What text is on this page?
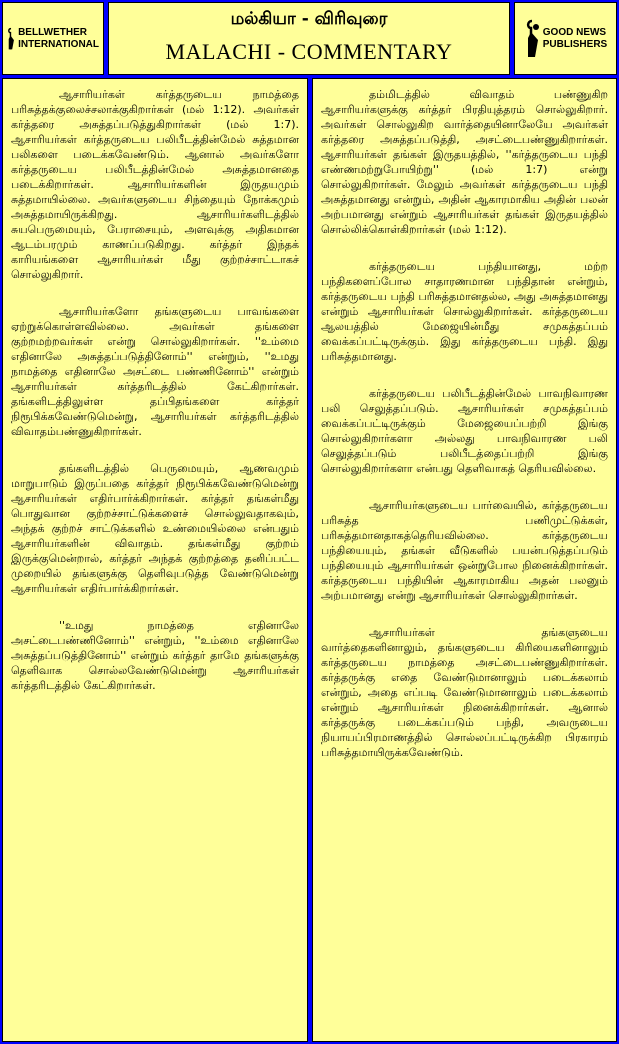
BELLWETHER
INTERNATIONAL
மல்கியா - விரிவுரை
MALACHI - COMMENTARY
GOOD NEWS
PUBLISHERS

ஆசாரியர்கள் கர்த்தருடைய நாமத்தை பரிசுத்தக்குலைச்சலாக்குகிறார்கள் (மல் 1:12). அவர்கள் கர்த்தரை அசுத்தப்படுத்துகிறார்கள் (மல் 1:7). ஆசாரியர்கள் கர்த்தருடைய பலிபீடத்தின்மேல் சுத்தமான பலிகளை படைக்கவேண்டும். ஆனால் அவர்களோ கர்த்தருடைய பலிபீடத்தின்மேல் அசுத்தமானதை படைக்கிறார்கள். ஆசாரியர்களின் இருதயமும் சுத்தமாயில்லை. அவர்களுடைய சிந்தையும் நோக்கமும் அசுத்தமாயிருக்கிறது. ஆசாரியர்களிடத்தில் சுயபெருமையும், பேராசையும், அளவுக்கு அதிகமான ஆடம்பரமும் காணப்படுகிறது. கர்த்தர் இந்தக் காரியங்களை ஆசாரியர்கள் மீது குற்றச்சாட்டாகச் சொல்லுகிறார்.

ஆசாரியர்களோ தங்களுடைய பாவங்களை ஏற்றுக்கொள்ளவில்லை. அவர்கள் தங்களை குற்றமற்றவர்கள் என்று சொல்லுகிறார்கள். ''உம்மை எதினாலே அசுத்தப்படுத்தினோம்'' என்றும், ''உமது நாமத்தை எதினாலே அசட்டை பண்ணினோம்'' என்றும் ஆசாரியர்கள் கர்த்தரிடத்தில் கேட்கிறார்கள். தங்களிடத்திலுள்ள தப்பிதங்களை கர்த்தர் நிரூபிக்கவேண்டுமென்று, ஆசாரியர்கள் கர்த்தரிடத்தில் விவாதம்பண்ணுகிறார்கள்.

தங்களிடத்தில் பெருமையும், ஆணவமும் மாறுபாடும் இருப்பதை கர்த்தர் நிரூபிக்கவேண்டுமென்று ஆசாரியர்கள் எதிர்பார்க்கிறார்கள். கர்த்தர் தங்கள்மீது பொதுவான குற்றச்சாட்டுக்களைச் சொல்லுவதாகவும், அந்தக் குற்றச் சாட்டுக்களில் உண்மையில்லை என்பதும் ஆசாரியர்களின் விவாதம். தங்கள்மீது குற்றம் இருக்குமென்றால், கர்த்தர் அந்தக் குற்றத்தை தனிப்பட்ட முறையில் தங்களுக்கு தெளிவுபடுத்த வேண்டுமென்று ஆசாரியர்கள் எதிர்பார்க்கிறார்கள்.

''உமது நாமத்தை எதினாலே அசட்டைபண்ணினோம்'' என்றும், ''உம்மை எதினாலே அசுத்தப்படுத்தினோம்'' என்றும் கர்த்தர் தாமே தங்களுக்கு தெளிவாக சொல்லவேண்டுமென்று ஆசாரியர்கள் கர்த்தரிடத்தில் கேட்கிறார்கள்.

தம்மிடத்தில் விவாதம் பண்ணுகிற ஆசாரியர்களுக்கு கர்த்தர் பிரதியுத்தரம் சொல்லுகிறார். அவர்கள் சொல்லுகிற வார்த்தையினாலேயே அவர்கள் கர்த்தரை அசுத்தப்படுத்தி, அசட்டைபண்ணுகிறார்கள். ஆசாரியர்கள் தங்கள் இருதயத்தில், ''கர்த்தருடைய பந்தி எண்ணமற்றுபோயிற்று'' (மல் 1:7) என்று சொல்லுகிறார்கள். மேலும் அவர்கள் கர்த்தருடைய பந்தி அசுத்தமானது என்றும், அதின் ஆகாரமாகிய அதின் பலன் அற்பமானது என்றும் ஆசாரியர்கள் தங்கள் இருதயத்தில் சொல்லிக்கொள்கிறார்கள் (மல் 1:12).

கர்த்தருடைய பந்தியானது, மற்ற பந்திகளைப்போல சாதாரணமான பந்திதான் என்றும், கர்த்தருடைய பந்தி பரிசுத்தமானதல்ல, அது அசுத்தமானது என்றும் ஆசாரியர்கள் சொல்லுகிறார்கள். கர்த்தருடைய ஆலயத்தில் மேஜையின்மீது சமுகத்தப்பம் வைக்கப்பட்டிருக்கும். இது கர்த்தருடைய பந்தி. இது பரிசுத்தமானது.

கர்த்தருடைய பலிபீடத்தின்மேல் பாவநிவாரண பலி செலுத்தப்படும். ஆசாரியர்கள் சமுகத்தப்பம் வைக்கப்பட்டிருக்கும் மேஜையைப்பற்றி இங்கு சொல்லுகிறார்களா அல்லது பாவநிவாரண பலி செலுத்தப்படும் பலிபீடத்தைப்பற்றி இங்கு சொல்லுகிறார்களா என்பது தெளிவாகத் தெரியவில்லை.

ஆசாரியர்களுடைய பார்வையில், கர்த்தருடைய பரிசுத்த பணிமுட்டுக்கள், பரிசுத்தமானதாகத்தெரியவில்லை. கர்த்தருடைய பந்தியையும், தங்கள் வீடுகளில் பயன்படுத்தப்படும் பந்தியையும் ஆசாரியர்கள் ஒன்றுபோல நினைக்கிறார்கள். கர்த்தருடைய பந்தியின் ஆகாரமாகிய அதன் பலனும் அற்பமானது என்று ஆசாரியர்கள் சொல்லுகிறார்கள்.

ஆசாரியர்கள் தங்களுடைய வார்த்தைகளினாலும், தங்களுடைய கிரியைகளினாலும் கர்த்தருடைய நாமத்தை அசட்டைபண்ணுகிறார்கள். கர்த்தருக்கு எதை வேண்டுமானாலும் படைக்கலாம் என்றும், அதை எப்படி வேண்டுமானாலும் படைக்கலாம் என்றும் ஆசாரியர்கள் நினைக்கிறார்கள். ஆனால் கர்த்தருக்கு படைக்கப்படும் பந்தி, அவருடைய நியாயப்பிரமாணத்தில் சொல்லப்பட்டிருக்கிற பிரகாரம் பரிசுத்தமாயிருக்கவேண்டும்.
